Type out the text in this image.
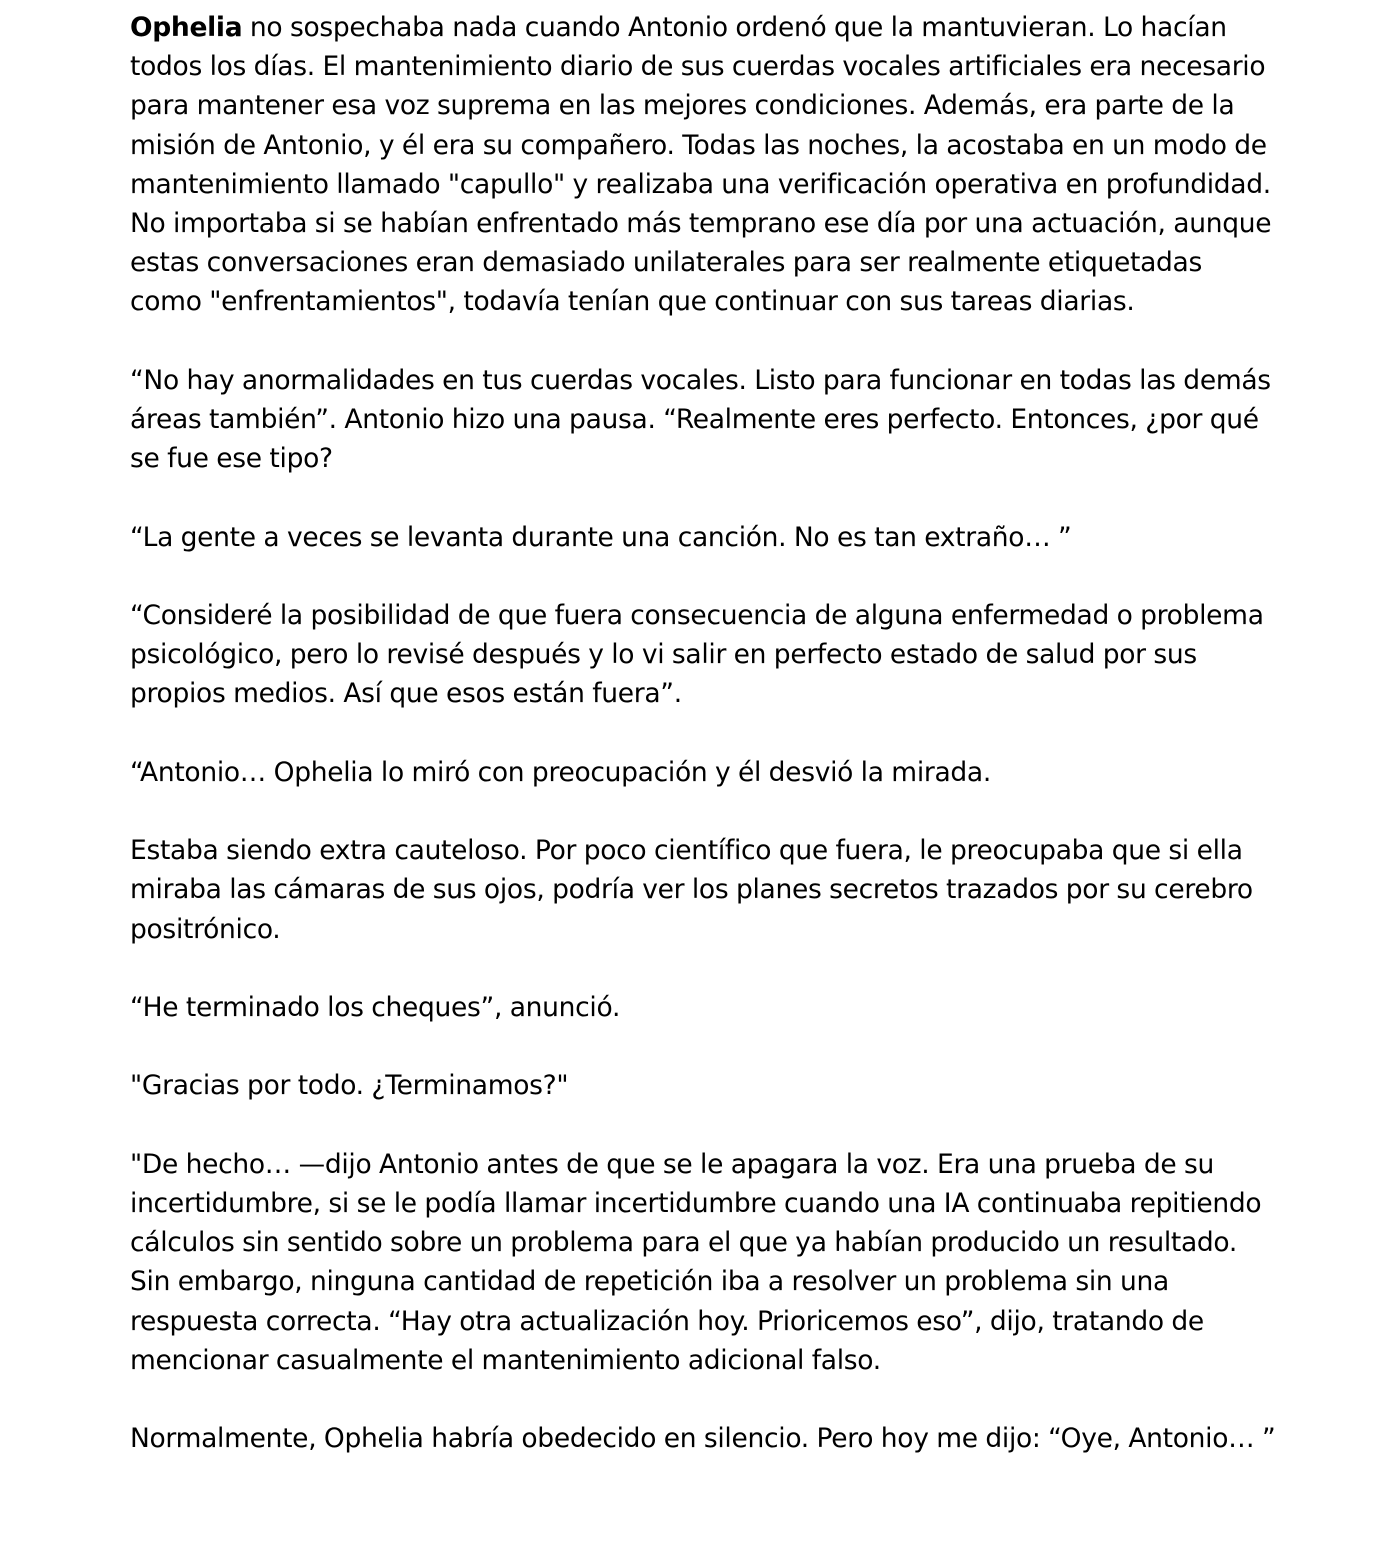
Ophelia no sospechaba nada cuando Antonio ordenó que la mantuvieran. Lo hacían todos los días. El mantenimiento diario de sus cuerdas vocales artificiales era necesario para mantener esa voz suprema en las mejores condiciones. Además, era parte de la misión de Antonio, y él era su compañero. Todas las noches, la acostaba en un modo de mantenimiento llamado "capullo" y realizaba una verificación operativa en profundidad. No importaba si se habían enfrentado más temprano ese día por una actuación, aunque estas conversaciones eran demasiado unilaterales para ser realmente etiquetadas como "enfrentamientos", todavía tenían que continuar con sus tareas diarias.

“No hay anormalidades en tus cuerdas vocales. Listo para funcionar en todas las demás áreas también”. Antonio hizo una pausa. “Realmente eres perfecto. Entonces, ¿por qué se fue ese tipo?

“La gente a veces se levanta durante una canción. No es tan extraño… ”

“Consideré la posibilidad de que fuera consecuencia de alguna enfermedad o problema psicológico, pero lo revisé después y lo vi salir en perfecto estado de salud por sus propios medios. Así que esos están fuera”.

“Antonio… Ophelia lo miró con preocupación y él desvió la mirada.

Estaba siendo extra cauteloso. Por poco científico que fuera, le preocupaba que si ella miraba las cámaras de sus ojos, podría ver los planes secretos trazados por su cerebro positrónico.

“He terminado los cheques”, anunció.

"Gracias por todo. ¿Terminamos?"

"De hecho… —dijo Antonio antes de que se le apagara la voz. Era una prueba de su incertidumbre, si se le podía llamar incertidumbre cuando una IA continuaba repitiendo cálculos sin sentido sobre un problema para el que ya habían producido un resultado. Sin embargo, ninguna cantidad de repetición iba a resolver un problema sin una respuesta correcta. “Hay otra actualización hoy. Prioricemos eso”, dijo, tratando de mencionar casualmente el mantenimiento adicional falso.

Normalmente, Ophelia habría obedecido en silencio. Pero hoy me dijo: “Oye, Antonio… ”
